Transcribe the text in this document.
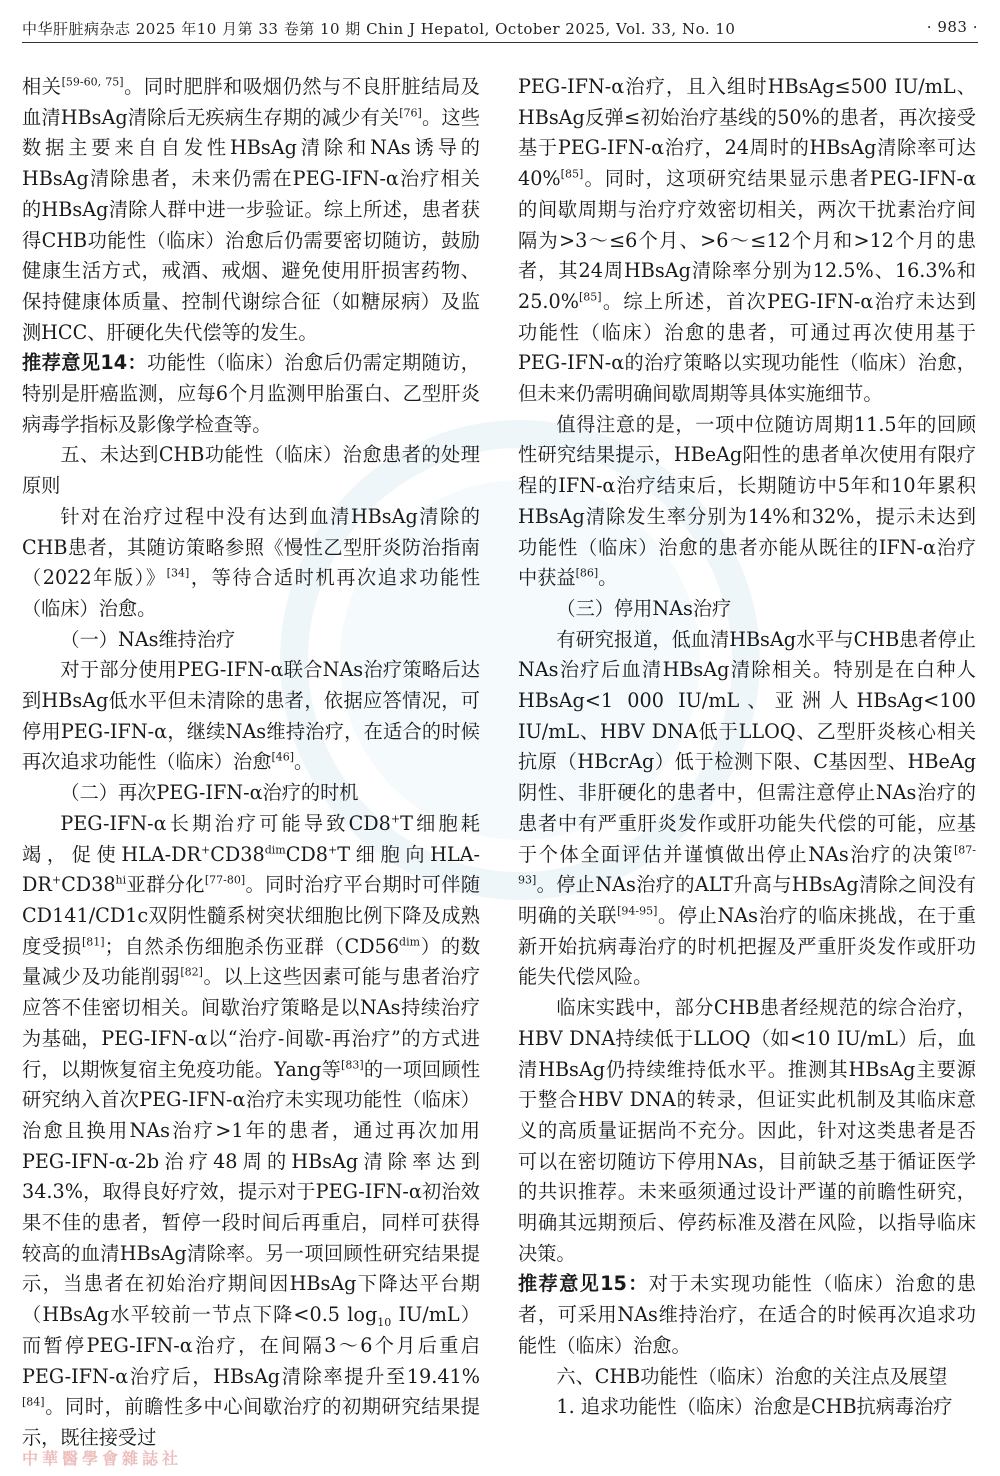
中华肝脏病杂志 2025 年10 月第 33 卷第 10 期 Chin J Hepatol, October 2025, Vol. 33, No. 10	· 983 ·

相关[59-60, 75]。同时肥胖和吸烟仍然与不良肝脏结局及血清HBsAg清除后无疾病生存期的减少有关[76]。这些数据主要来自自发性HBsAg清除和NAs诱导的HBsAg清除患者，未来仍需在PEG-IFN-α治疗相关的HBsAg清除人群中进一步验证。综上所述，患者获得CHB功能性（临床）治愈后仍需要密切随访，鼓励健康生活方式，戒酒、戒烟、避免使用肝损害药物、保持健康体质量、控制代谢综合征（如糖尿病）及监测HCC、肝硬化失代偿等的发生。

推荐意见14：功能性（临床）治愈后仍需定期随访，特别是肝癌监测，应每6个月监测甲胎蛋白、乙型肝炎病毒学指标及影像学检查等。

五、未达到CHB功能性（临床）治愈患者的处理原则

针对在治疗过程中没有达到血清HBsAg清除的CHB患者，其随访策略参照《慢性乙型肝炎防治指南（2022年版）》[34]，等待合适时机再次追求功能性（临床）治愈。

（一）NAs维持治疗

对于部分使用PEG-IFN-α联合NAs治疗策略后达到HBsAg低水平但未清除的患者，依据应答情况，可停用PEG-IFN-α，继续NAs维持治疗，在适合的时候再次追求功能性（临床）治愈[46]。

（二）再次PEG-IFN-α治疗的时机

PEG-IFN-α长期治疗可能导致CD8+T细胞耗竭，促使HLA-$DR^+CD38^{dim}CD8^+T$细胞向HLA-$DR^+CD38^{hi}$亚群分化[77-80]。同时治疗平台期时可伴随CD141/CD1c双阴性髓系树突状细胞比例下降及成熟度受损[81]；自然杀伤细胞杀伤亚群$(CD56^{dim})$的数量减少及功能削弱[82]。以上这些因素可能与患者治疗应答不佳密切相关。间歇治疗策略是以NAs持续治疗为基础，PEG-IFN-α以“治疗-间歇-再治疗”的方式进行，以期恢复宿主免疫功能。Yang等[83]的一项回顾性研究纳入首次PEG-IFN-α治疗未实现功能性（临床）治愈且换用NAs治疗>1年的患者，通过再次加用PEG-IFN-α-2b治疗48周的HBsAg清除率达到34.3%，取得良好疗效，提示对于PEG-IFN-α初治效果不佳的患者，暂停一段时间后再重启，同样可获得较高的血清HBsAg清除率。另一项回顾性研究结果提示，当患者在初始治疗期间因HBsAg下降达平台期（HBsAg水平较前一节点下降<0.5 $\log_{10} IU/mL$）而暂停PEG-IFN-α治疗，在间隔3～6个月后重启PEG-IFN-α治疗后，HBsAg清除率提升至19.41%[84]。同时，前瞻性多中心间歇治疗的初期研究结果提示，既往接受过

PEG-IFN-α治疗，且入组时HBsAg≤500 IU/mL、HBsAg反弹≤初始治疗基线的50%的患者，再次接受基于PEG-IFN-α治疗，24周时的HBsAg清除率可达40%[85]。同时，这项研究结果显示患者PEG-IFN-α的间歇周期与治疗疗效密切相关，两次干扰素治疗间隔为>3～≤6个月、>6～≤12个月和>12个月的患者，其24周HBsAg清除率分别为12.5%、16.3%和25.0%[85]。综上所述，首次PEG-IFN-α治疗未达到功能性（临床）治愈的患者，可通过再次使用基于PEG-IFN-α的治疗策略以实现功能性（临床）治愈，但未来仍需明确间歇周期等具体实施细节。

值得注意的是，一项中位随访周期11.5年的回顾性研究结果提示，HBeAg阳性的患者单次使用有限疗程的IFN-α治疗结束后，长期随访中5年和10年累积HBsAg清除发生率分别为14%和32%，提示未达到功能性（临床）治愈的患者亦能从既往的IFN-α治疗中获益[86]。

（三）停用NAs治疗

有研究报道，低血清HBsAg水平与CHB患者停止NAs治疗后血清HBsAg清除相关。特别是在白种人HBsAg<1 000 IU/mL、亚洲人HBsAg<100 IU/mL、HBV DNA低于LLOQ、乙型肝炎核心相关抗原（HBcrAg）低于检测下限、C基因型、HBeAg阴性、非肝硬化的患者中，但需注意停止NAs治疗的患者中有严重肝炎发作或肝功能失代偿的可能，应基于个体全面评估并谨慎做出停止NAs治疗的决策[87-93]。停止NAs治疗的ALT升高与HBsAg清除之间没有明确的关联[94-95]。停止NAs治疗的临床挑战，在于重新开始抗病毒治疗的时机把握及严重肝炎发作或肝功能失代偿风险。

临床实践中，部分CHB患者经规范的综合治疗，HBV DNA持续低于LLOQ（如<10 IU/mL）后，血清HBsAg仍持续维持低水平。推测其HBsAg主要源于整合HBV DNA的转录，但证实此机制及其临床意义的高质量证据尚不充分。因此，针对这类患者是否可以在密切随访下停用NAs，目前缺乏基于循证医学的共识推荐。未来亟须通过设计严谨的前瞻性研究，明确其远期预后、停药标准及潜在风险，以指导临床决策。

推荐意见15：对于未实现功能性（临床）治愈的患者，可采用NAs维持治疗，在适合的时候再次追求功能性（临床）治愈。

六、CHB功能性（临床）治愈的关注点及展望

1. 追求功能性（临床）治愈是CHB抗病毒治疗

中華醫學會雜誌社
